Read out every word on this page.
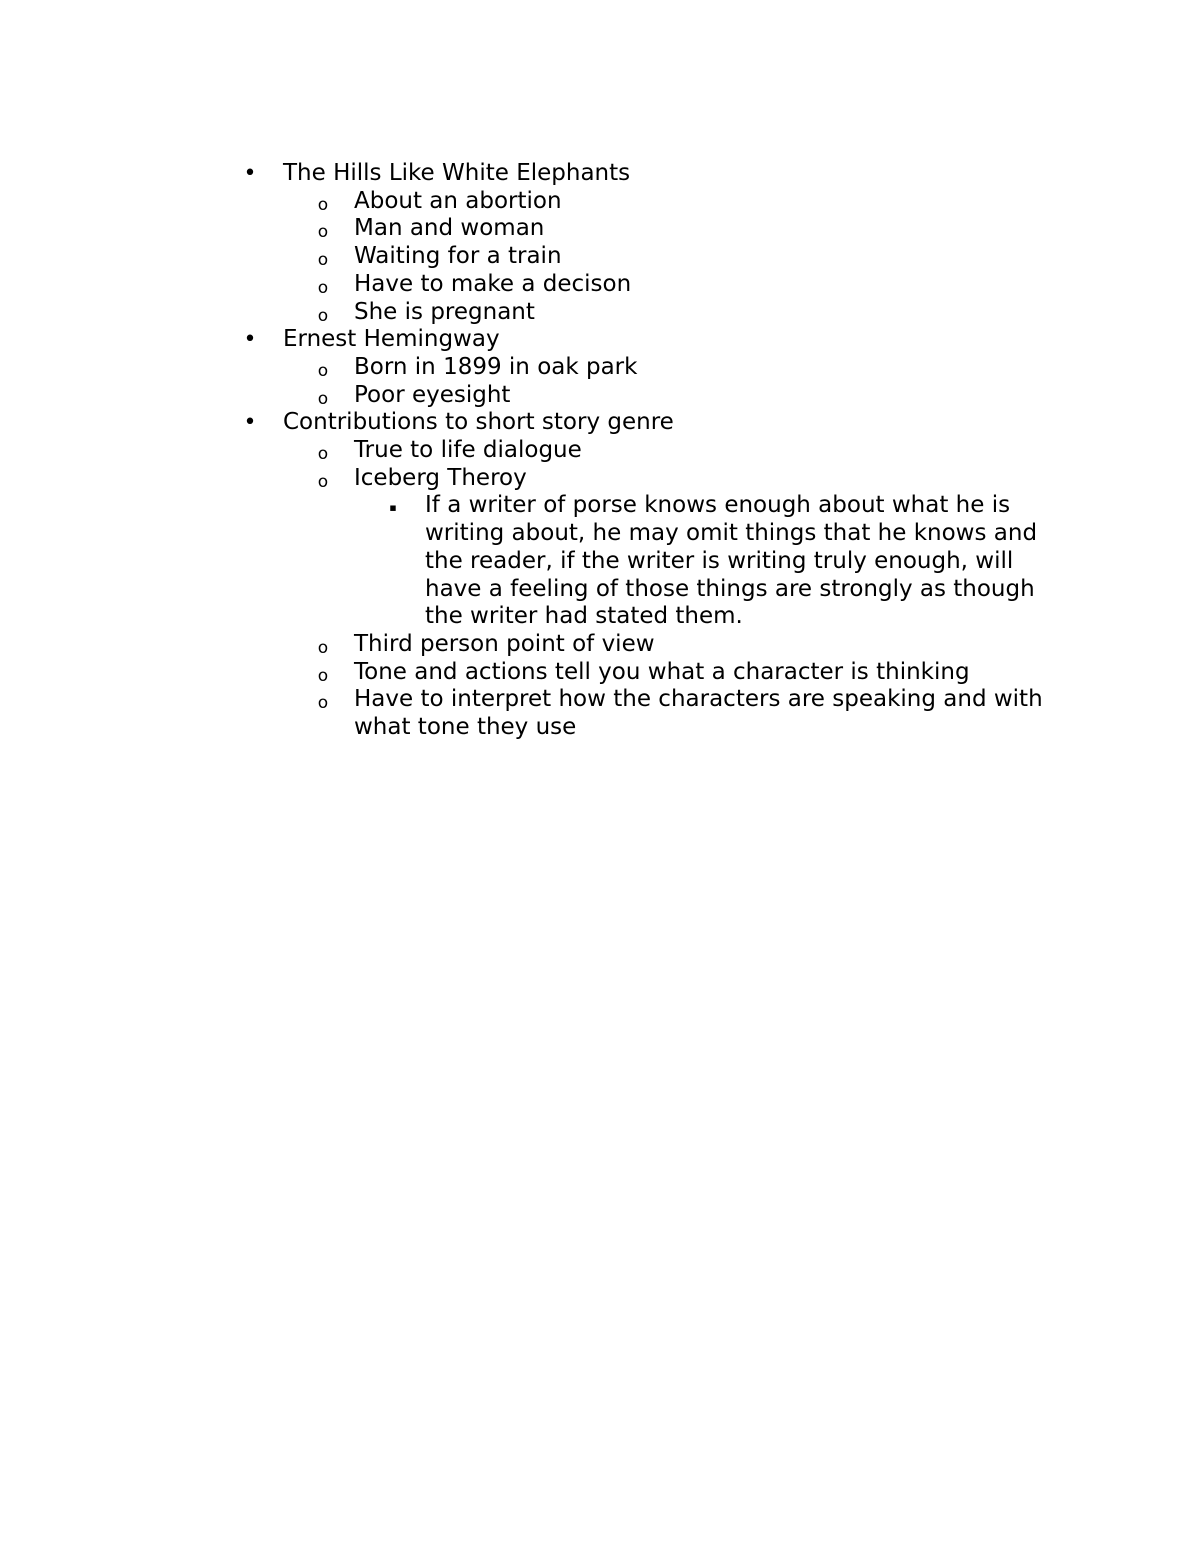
• The Hills Like White Elephants
o About an abortion
o Man and woman
o Waiting for a train
o Have to make a decison
o She is pregnant
• Ernest Hemingway
o Born in 1899 in oak park
o Poor eyesight
• Contributions to short story genre
o True to life dialogue
o Iceberg Theroy
▪ If a writer of porse knows enough about what he is writing about, he may omit things that he knows and the reader, if the writer is writing truly enough, will have a feeling of those things are strongly as though the writer had stated them.
o Third person point of view
o Tone and actions tell you what a character is thinking
o Have to interpret how the characters are speaking and with what tone they use
